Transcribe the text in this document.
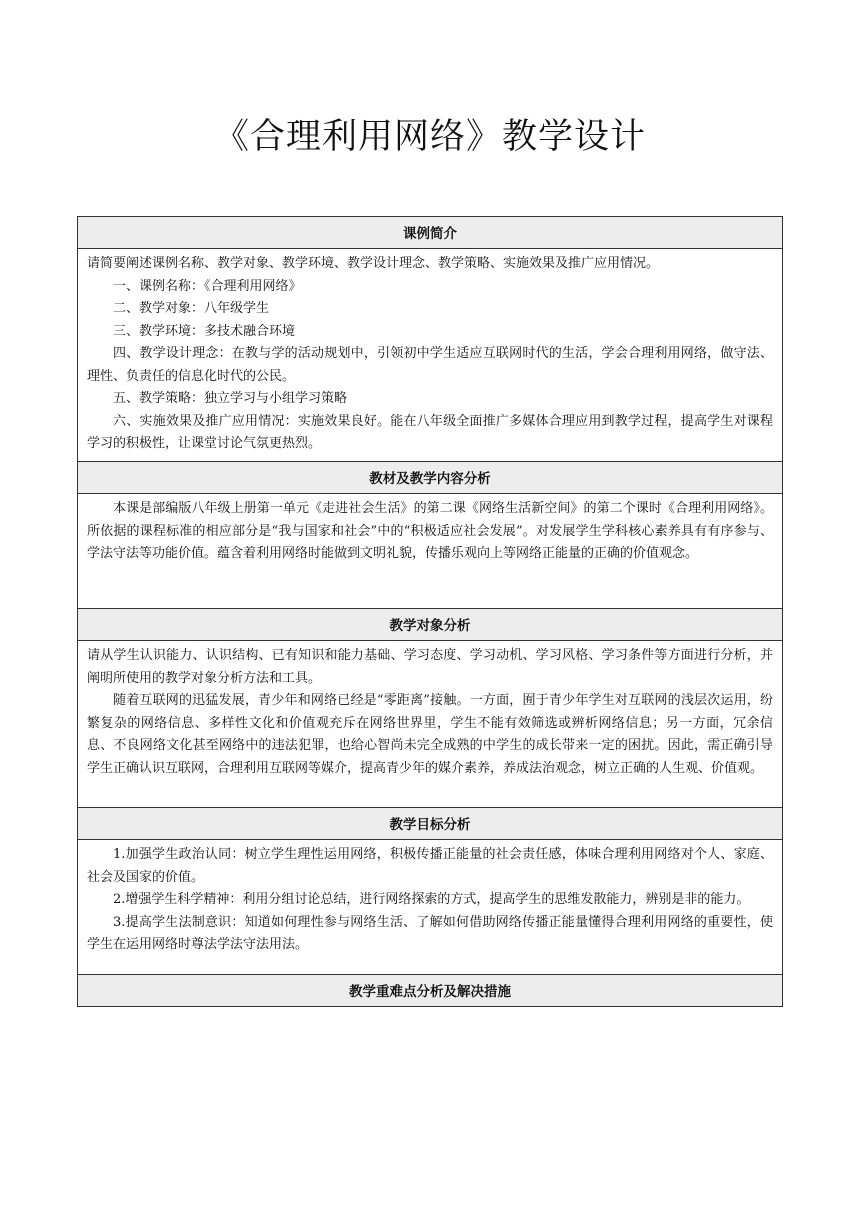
《合理利用网络》教学设计
课例简介

请简要阐述课例名称、教学对象、教学环境、教学设计理念、教学策略、实施效果及推广应用情况。

一、课例名称：《合理利用网络》

二、教学对象：八年级学生

三、教学环境：多技术融合环境

四、教学设计理念：在教与学的活动规划中，引领初中学生适应互联网时代的生活，学会合理利用网络，做守法、理性、负责任的信息化时代的公民。

五、教学策略：独立学习与小组学习策略

六、实施效果及推广应用情况：实施效果良好。能在八年级全面推广多媒体合理应用到教学过程，提高学生对课程学习的积极性，让课堂讨论气氛更热烈。

教材及教学内容分析

本课是部编版八年级上册第一单元《走进社会生活》的第二课《网络生活新空间》的第二个课时《合理利用网络》。所依据的课程标准的相应部分是“我与国家和社会”中的“积极适应社会发展”。对发展学生学科核心素养具有有序参与、学法守法等功能价值。蕴含着利用网络时能做到文明礼貌，传播乐观向上等网络正能量的正确的价值观念。

教学对象分析

请从学生认识能力、认识结构、已有知识和能力基础、学习态度、学习动机、学习风格、学习条件等方面进行分析，并阐明所使用的教学对象分析方法和工具。

随着互联网的迅猛发展，青少年和网络已经是“零距离”接触。一方面，囿于青少年学生对互联网的浅层次运用，纷繁复杂的网络信息、多样性文化和价值观充斥在网络世界里，学生不能有效筛选或辨析网络信息；另一方面，冗余信息、不良网络文化甚至网络中的违法犯罪，也给心智尚未完全成熟的中学生的成长带来一定的困扰。因此，需正确引导学生正确认识互联网，合理利用互联网等媒介，提高青少年的媒介素养，养成法治观念，树立正确的人生观、价值观。

教学目标分析

1.加强学生政治认同：树立学生理性运用网络，积极传播正能量的社会责任感，体味合理利用网络对个人、家庭、社会及国家的价值。

2.增强学生科学精神：利用分组讨论总结，进行网络探索的方式，提高学生的思维发散能力，辨别是非的能力。

3.提高学生法制意识：知道如何理性参与网络生活、了解如何借助网络传播正能量懂得合理利用网络的重要性，使学生在运用网络时尊法学法守法用法。

教学重难点分析及解决措施
